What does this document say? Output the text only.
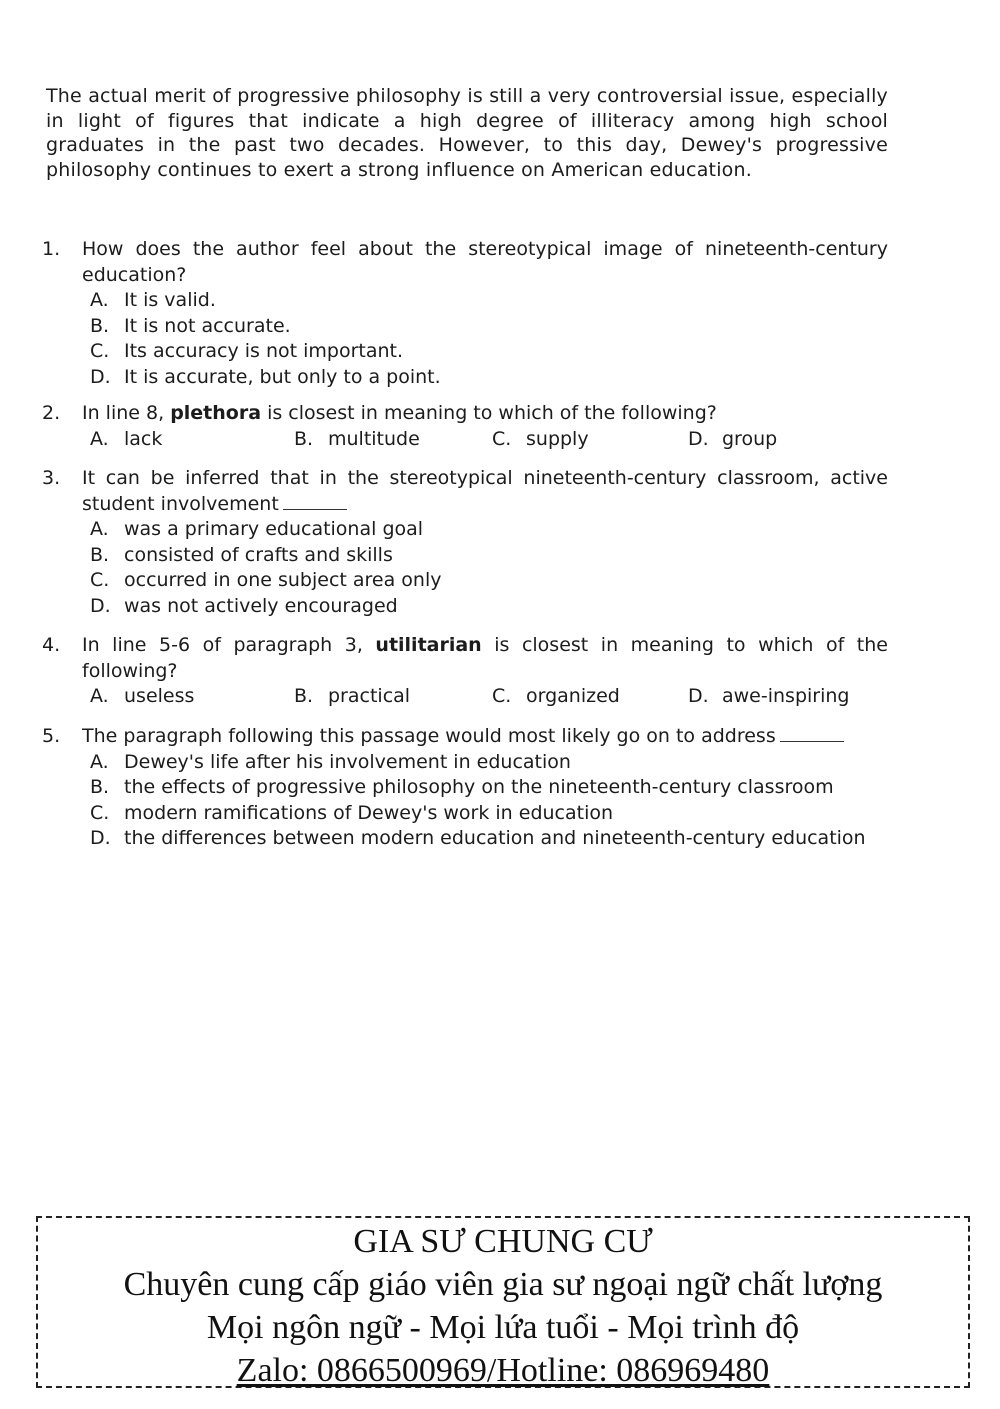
The actual merit of progressive philosophy is still a very controversial issue, especially in light of figures that indicate a high degree of illiteracy among high school graduates in the past two decades. However, to this day, Dewey's progressive philosophy continues to exert a strong influence on American education.
1.	How does the author feel about the stereotypical image of nineteenth-century education?
A. It is valid.
B. It is not accurate.
C. Its accuracy is not important.
D. It is accurate, but only to a point.
2.	In line 8, plethora is closest in meaning to which of the following?
A. lack	B. multitude	C. supply	D. group
3.	It can be inferred that in the stereotypical nineteenth-century classroom, active student involvement
A. was a primary educational goal
B. consisted of crafts and skills
C. occurred in one subject area only
D. was not actively encouraged
4.	In line 5-6 of paragraph 3, utilitarian is closest in meaning to which of the following?
A. useless	B. practical	C. organized	D. awe-inspiring
5.	The paragraph following this passage would most likely go on to address
A. Dewey's life after his involvement in education
B. the effects of progressive philosophy on the nineteenth-century classroom
C. modern ramifications of Dewey's work in education
D. the differences between modern education and nineteenth-century education
GIA SƯ CHUNG CƯ
Chuyên cung cấp giáo viên gia sư ngoại ngữ chất lượng
Mọi ngôn ngữ - Mọi lứa tuổi - Mọi trình độ
Zalo: 0866500969/Hotline: 086969480
